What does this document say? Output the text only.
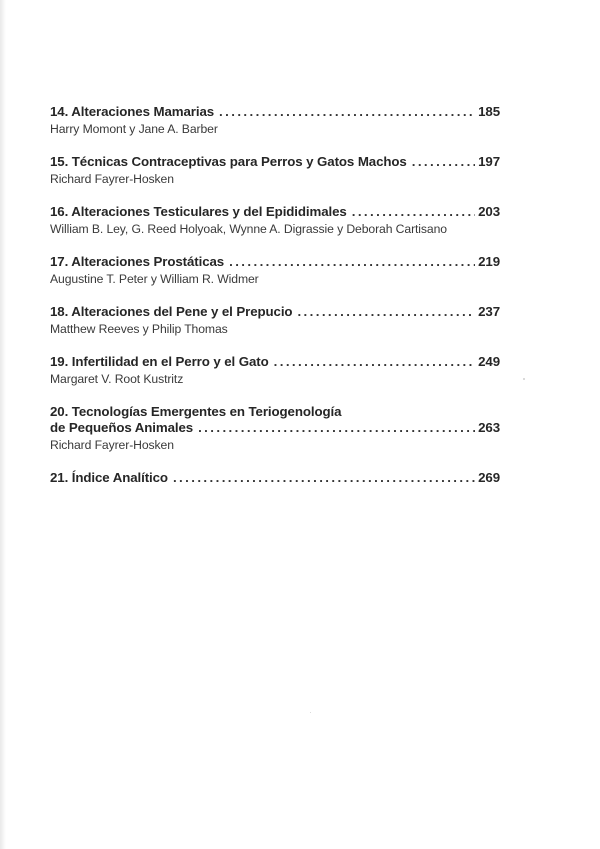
14. Alteraciones Mamarias .....	185
Harry Momont y Jane A. Barber
15. Técnicas Contraceptivas para Perros y Gatos Machos .....	197
Richard Fayrer-Hosken
16. Alteraciones Testiculares y del Epididimales .....	203
William B. Ley, G. Reed Holyoak, Wynne A. Digrassie y Deborah Cartisano
17. Alteraciones Prostáticas .....	219
Augustine T. Peter y William R. Widmer
18. Alteraciones del Pene y el Prepucio .....	237
Matthew Reeves y Philip Thomas
19. Infertilidad en el Perro y el Gato .....	249
Margaret V. Root Kustritz
20. Tecnologías Emergentes en Teriogenología
de Pequeños Animales .....	263
Richard Fayrer-Hosken
21. Índice Analítico .....	269
